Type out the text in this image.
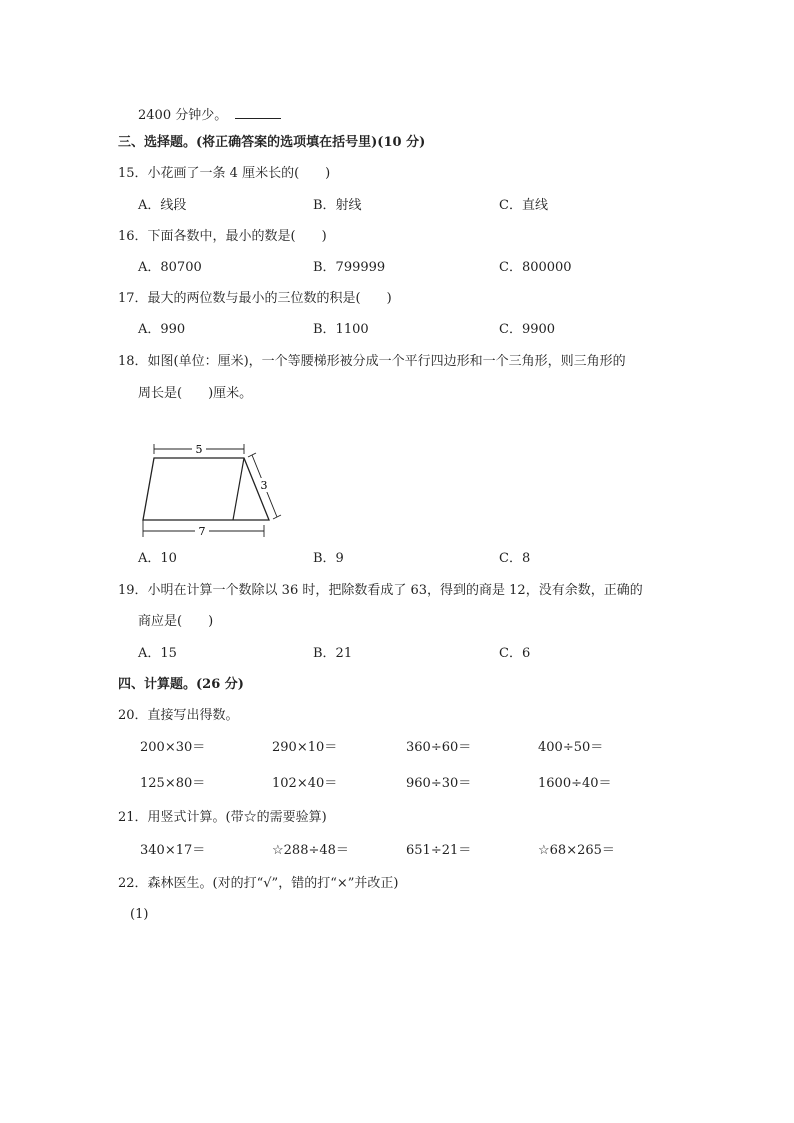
2400 分钟少。
三、选择题。(将正确答案的选项填在括号里)(10 分)
15．小花画了一条 4 厘米长的(　　)
A．线段	B．射线	C．直线
16．下面各数中，最小的数是(　　)
A．80700	B．799999	C．800000
17．最大的两位数与最小的三位数的积是(　　)
A．990	B．1100	C．9900
18．如图(单位：厘米)，一个等腰梯形被分成一个平行四边形和一个三角形，则三角形的
周长是(　　)厘米。
5
3
7
A．10	B．9	C．8
19．小明在计算一个数除以 36 时，把除数看成了 63，得到的商是 12，没有余数，正确的
商应是(　　)
A．15	B．21	C．6
四、计算题。(26 分)
20．直接写出得数。
200×30＝	290×10＝	360÷60＝	400÷50＝
125×80＝	102×40＝	960÷30＝	1600÷40＝
21．用竖式计算。(带☆的需要验算)
340×17＝	☆288÷48＝	651÷21＝	☆68×265＝
22．森林医生。(对的打“√”，错的打“×”并改正)
(1)
